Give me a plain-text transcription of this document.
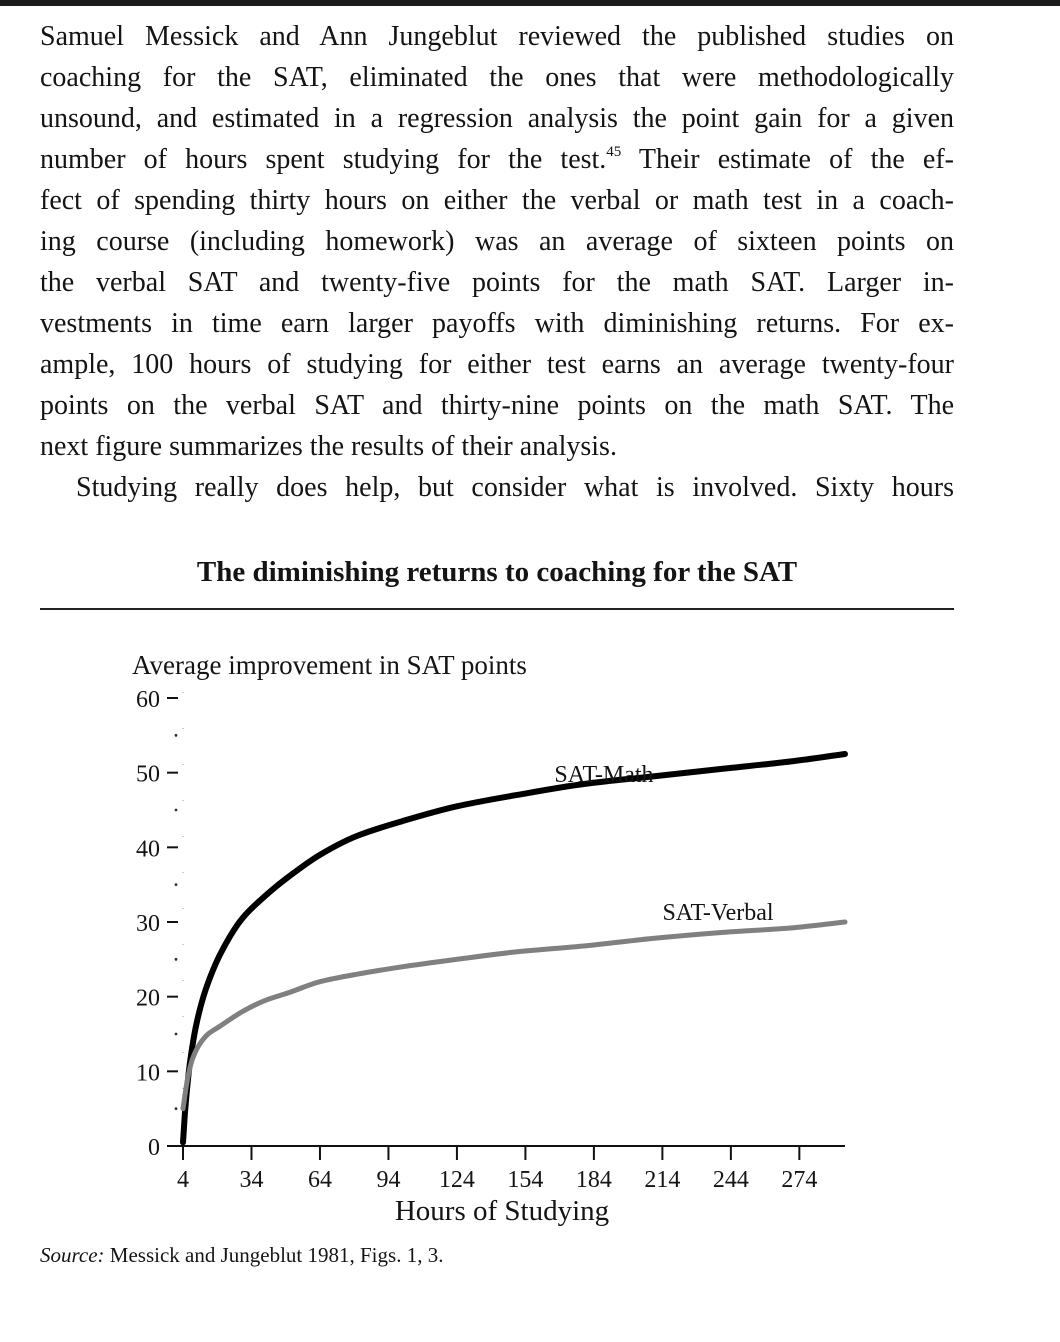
Samuel Messick and Ann Jungeblut reviewed the published studies on
coaching for the SAT, eliminated the ones that were methodologically
unsound, and estimated in a regression analysis the point gain for a given
number of hours spent studying for the test.$^{45}$ Their estimate of the ef-
fect of spending thirty hours on either the verbal or math test in a coach-
ing course (including homework) was an average of sixteen points on
the verbal SAT and twenty-five points for the math SAT. Larger in-
vestments in time earn larger payoffs with diminishing returns. For ex-
ample, 100 hours of studying for either test earns an average twenty-four
points on the verbal SAT and thirty-nine points on the math SAT. The
next figure summarizes the results of their analysis.
Studying really does help, but consider what is involved. Sixty hours
The diminishing returns to coaching for the SAT
Average improvement in SAT points
0
10
20
30
40
50
60
4 34 64 94 124 154 184 214 244 274
Hours of Studying
SAT-Math
SAT-Verbal
Source: Messick and Jungeblut 1981, Figs. 1, 3.
